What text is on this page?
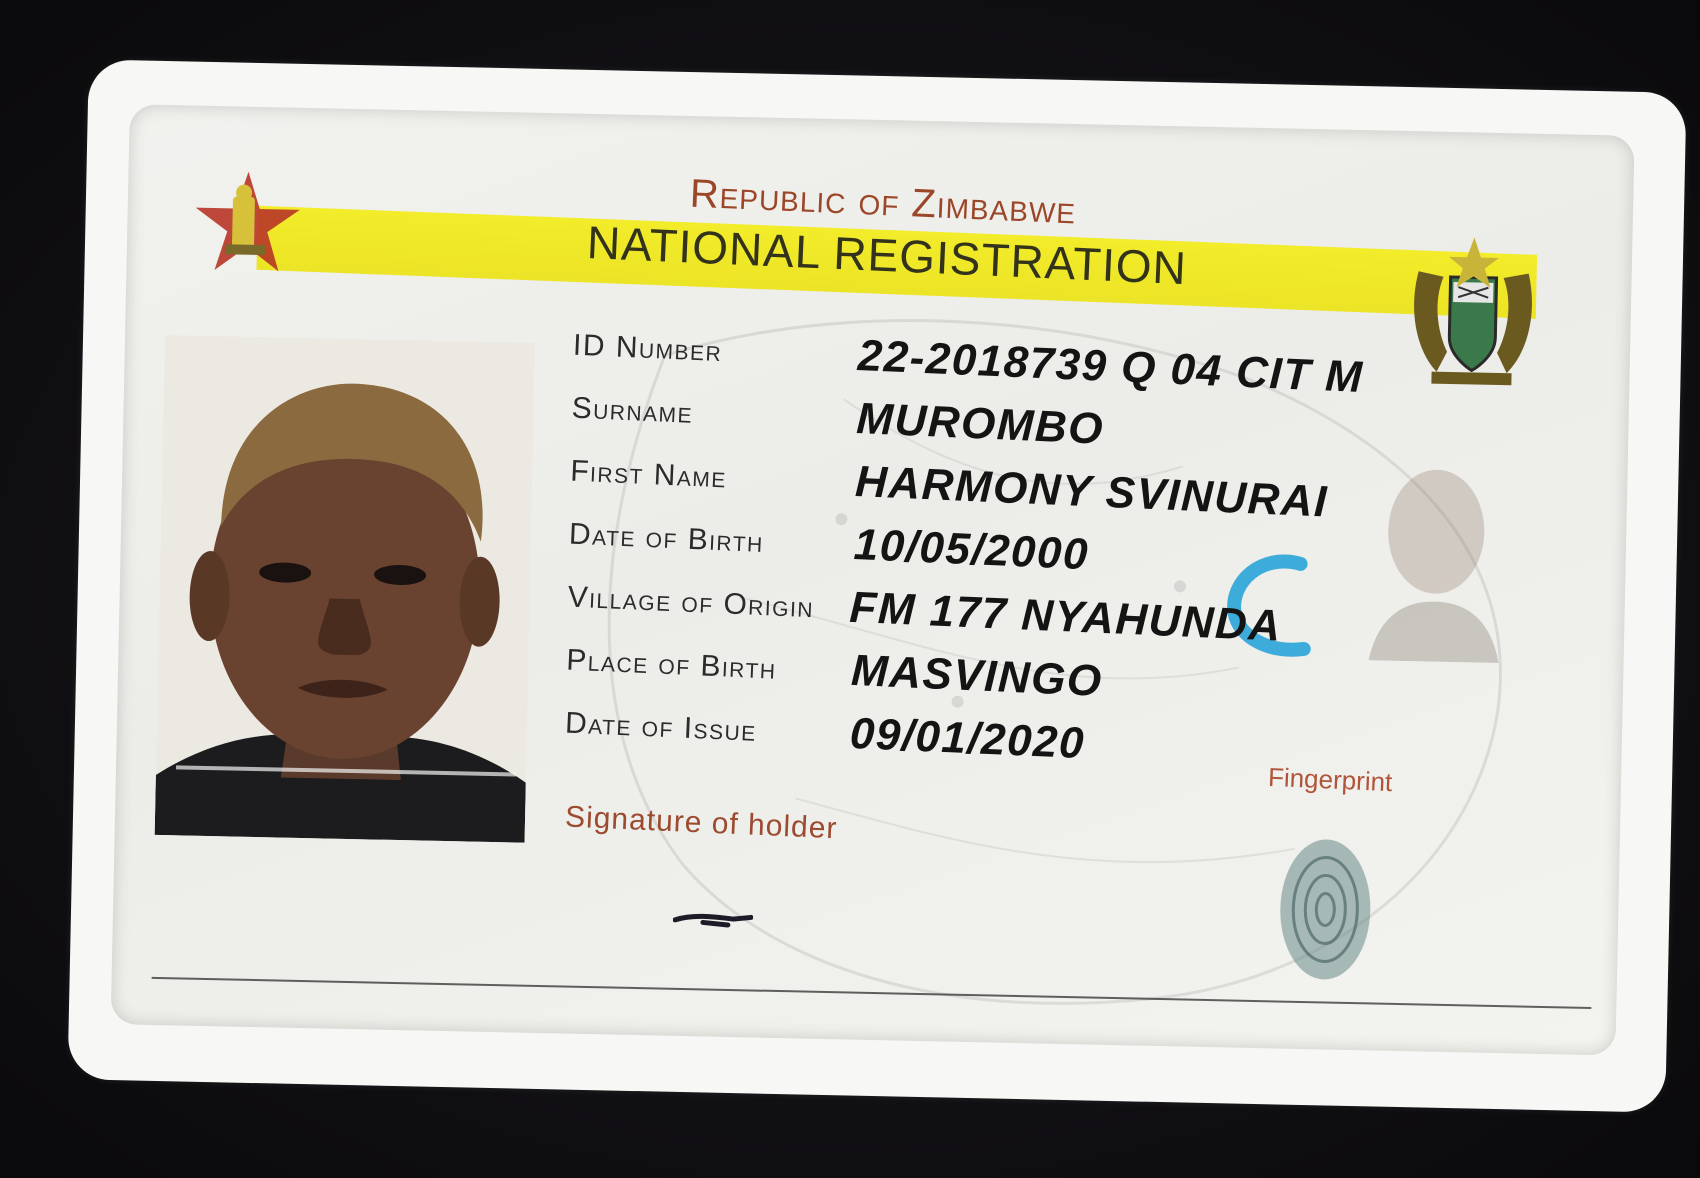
Republic of Zimbabwe
NATIONAL REGISTRATION
ID Number	22-2018739 Q 04 CIT M
Surname	MUROMBO
First Name	HARMONY SVINURAI
Date of Birth 10/05/2000
Village of Origin FM 177 NYAHUNDA
Place of Birth MASVINGO
Date of Issue 09/01/2020
Signature of holder
Fingerprint
